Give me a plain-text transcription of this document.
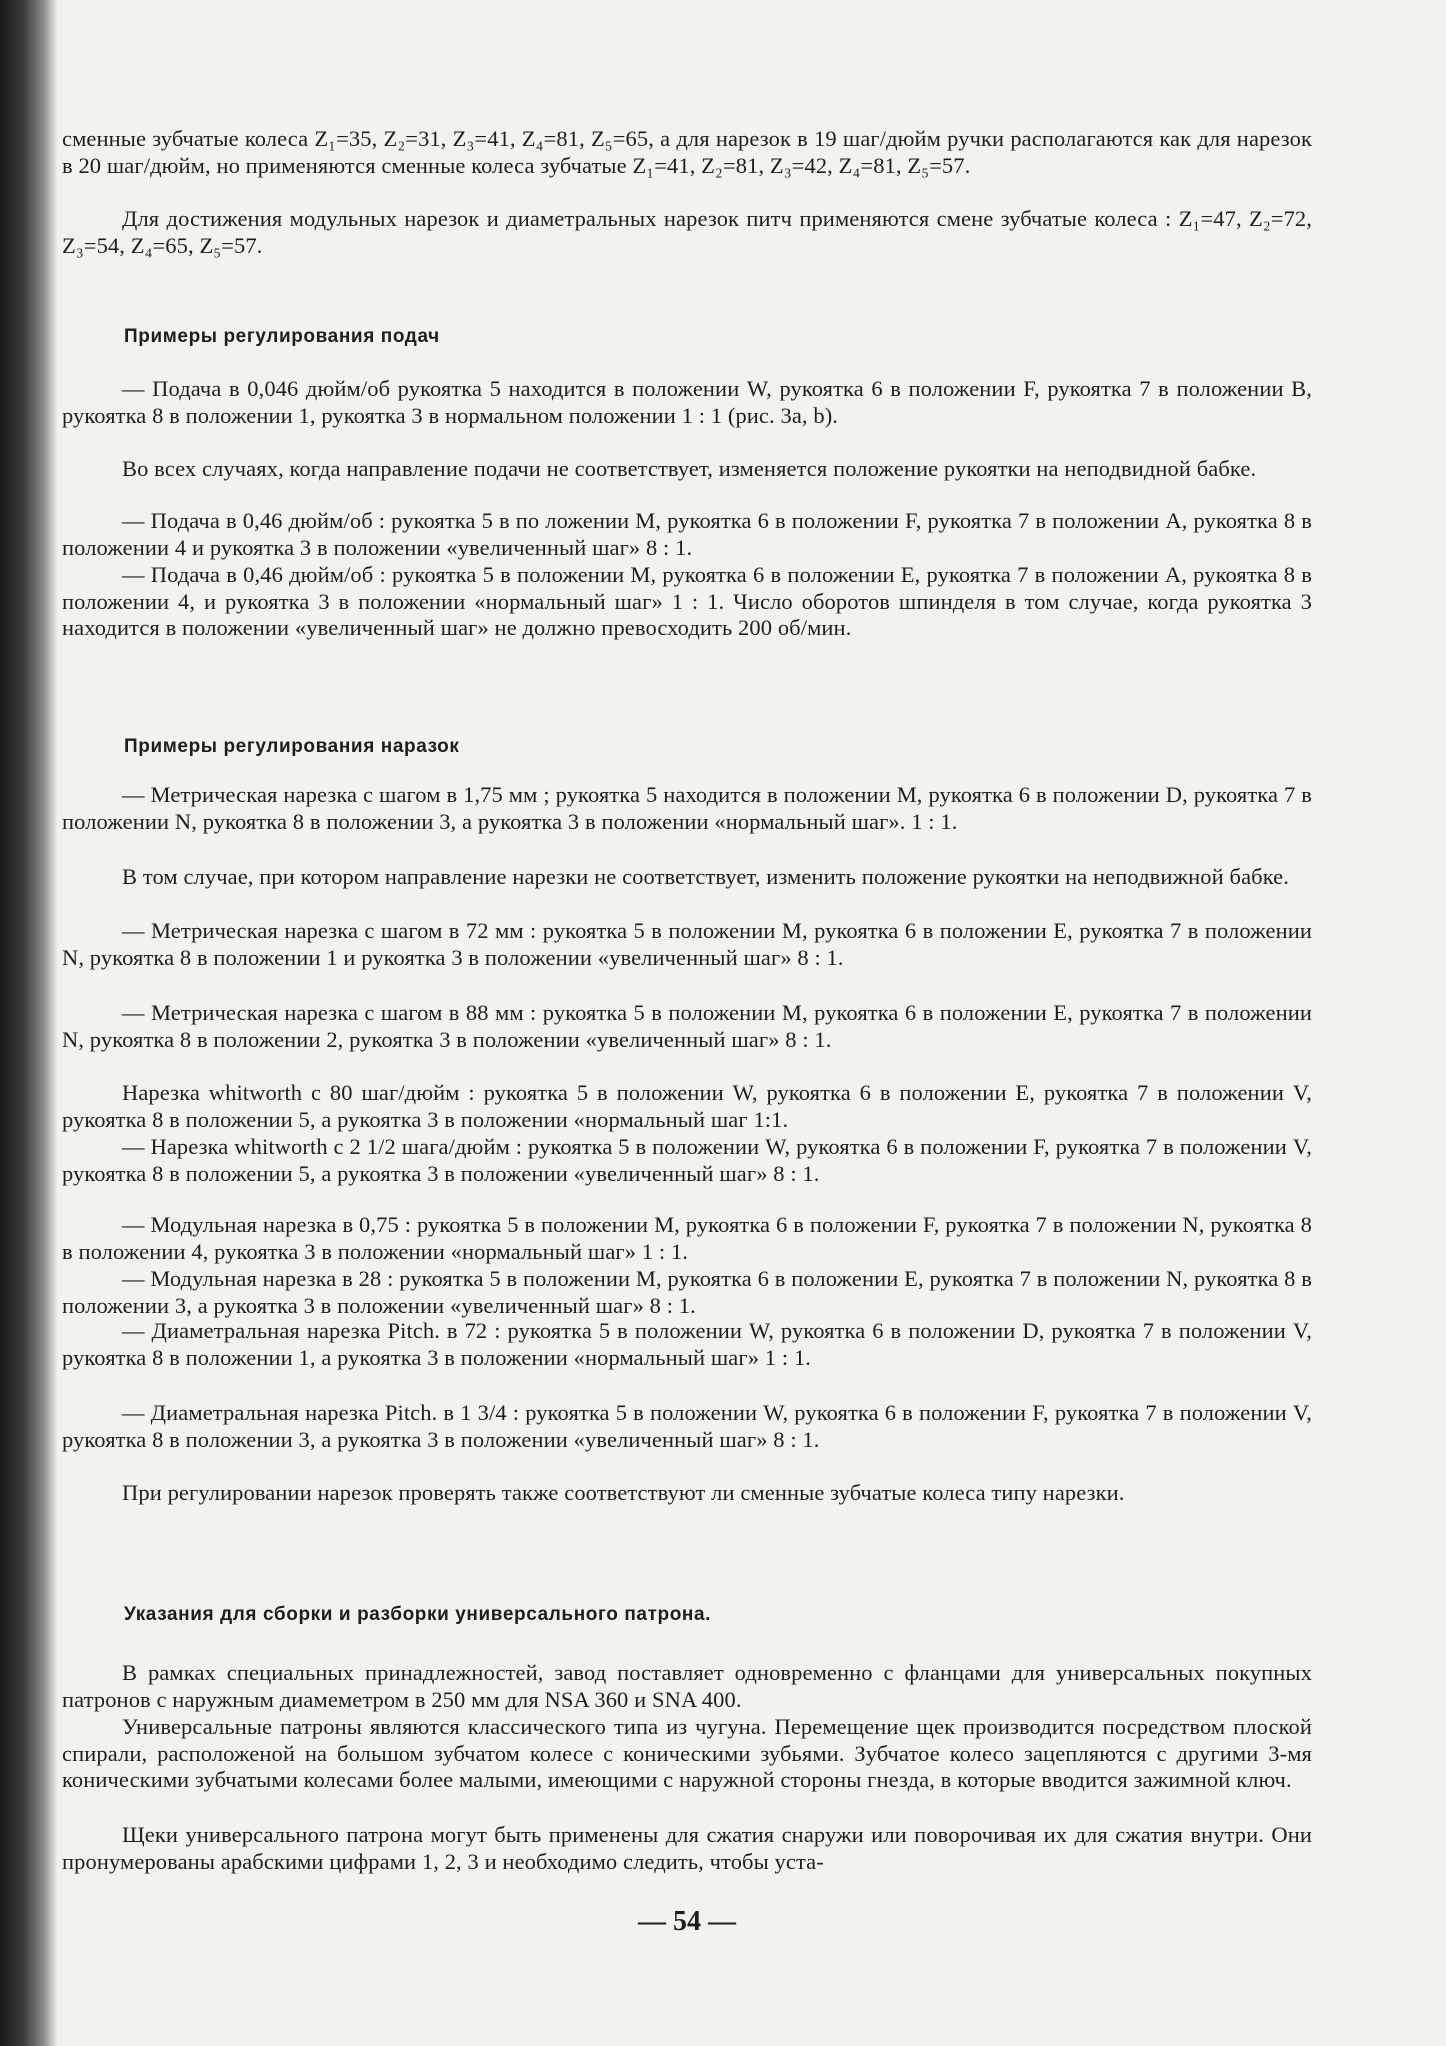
сменные зубчатые колеса Z₁=35, Z₂=31, Z₃=41, Z₄=81, Z₅=65, а для нарезок в 19 шаг/дюйм ручки располагаются как для нарезок в 20 шаг/дюйм, но применяются сменные колеса зубчатые Z₁=41, Z₂=81, Z₃=42, Z₄=81, Z₅=57.

Для достижения модульных нарезок и диаметральных нарезок питч применяются смене зубчатые колеса : Z₁=47, Z₂=72, Z₃=54, Z₄=65, Z₅=57.

Примеры регулирования подач

— Подача в 0,046 дюйм/об рукоятка 5 находится в положении W, рукоятка 6 в положении F, рукоятка 7 в положении B, рукоятка 8 в положении 1, рукоятка 3 в нормальном положении 1 : 1 (рис. 3a, b).

Во всех случаях, когда направление подачи не соответствует, изменяется положение рукоятки на неподвидной бабке.

— Подача в 0,46 дюйм/об : рукоятка 5 в по ложении M, рукоятка 6 в положении F, рукоятка 7 в положении A, рукоятка 8 в положении 4 и рукоятка 3 в положении «увеличенный шаг» 8 : 1.

— Подача в 0,46 дюйм/об : рукоятка 5 в положении M, рукоятка 6 в положении E, рукоятка 7 в положении A, рукоятка 8 в положении 4, и рукоятка 3 в положении «нормальный шаг» 1 : 1. Число оборотов шпинделя в том случае, когда рукоятка 3 находится в положении «увеличенный шаг» не должно превосходить 200 об/мин.

Примеры регулирования наразок

— Метрическая нарезка с шагом в 1,75 мм ; рукоятка 5 находится в положении M, рукоятка 6 в положении D, рукоятка 7 в положении N, рукоятка 8 в положении 3, а рукоятка 3 в положении «нормальный шаг». 1 : 1.

В том случае, при котором направление нарезки не соответствует, изменить положение рукоятки на неподвижной бабке.

— Метрическая нарезка с шагом в 72 мм : рукоятка 5 в положении M, рукоятка 6 в положении E, рукоятка 7 в положении N, рукоятка 8 в положении 1 и рукоятка 3 в положении «увеличенный шаг» 8 : 1.

— Метрическая нарезка с шагом в 88 мм : рукоятка 5 в положении M, рукоятка 6 в положении E, рукоятка 7 в положении N, рукоятка 8 в положении 2, рукоятка 3 в положении «увеличенный шаг» 8 : 1.

Нарезка whitworth с 80 шаг/дюйм : рукоятка 5 в положении W, рукоятка 6 в положении E, рукоятка 7 в положении V, рукоятка 8 в положении 5, а рукоятка 3 в положении «нормальный шаг 1:1.

— Нарезка whitworth с 2 1/2 шага/дюйм : рукоятка 5 в положении W, рукоятка 6 в положении F, рукоятка 7 в положении V, рукоятка 8 в положении 5, а рукоятка 3 в положении «увеличенный шаг» 8 : 1.

— Модульная нарезка в 0,75 : рукоятка 5 в положении M, рукоятка 6 в положении F, рукоятка 7 в положении N, рукоятка 8 в положении 4, рукоятка 3 в положении «нормальный шаг» 1 : 1.

— Модульная нарезка в 28 : рукоятка 5 в положении M, рукоятка 6 в положении E, рукоятка 7 в положении N, рукоятка 8 в положении 3, а рукоятка 3 в положении «увеличенный шаг» 8 : 1.

— Диаметральная нарезка Pitch. в 72 : рукоятка 5 в положении W, рукоятка 6 в положении D, рукоятка 7 в положении V, рукоятка 8 в положении 1, а рукоятка 3 в положении «нормальный шаг» 1 : 1.

— Диаметральная нарезка Pitch. в 1 3/4 : рукоятка 5 в положении W, рукоятка 6 в положении F, рукоятка 7 в положении V, рукоятка 8 в положении 3, а рукоятка 3 в положении «увеличенный шаг» 8 : 1.

При регулировании нарезок проверять также соответствуют ли сменные зубчатые колеса типу нарезки.

Указания для сборки и разборки универсального патрона.

В рамках специальных принадлежностей, завод поставляет одновременно с фланцами для универсальных покупных патронов с наружным диамеметром в 250 мм для NSA 360 и SNA 400.

Универсальные патроны являются классического типа из чугуна. Перемещение щек производится посредством плоской спирали, расположеной на большом зубчатом колесе с коническими зубьями. Зубчатое колесо зацепляются с другими 3-мя коническими зубчатыми колесами более малыми, имеющими с наружной стороны гнезда, в которые вводится зажимной ключ.

Щеки универсального патрона могут быть применены для сжатия снаружи или поворочивая их для сжатия внутри. Они пронумерованы арабскими цифрами 1, 2, 3 и необходимо следить, чтобы уста-

— 54 —
